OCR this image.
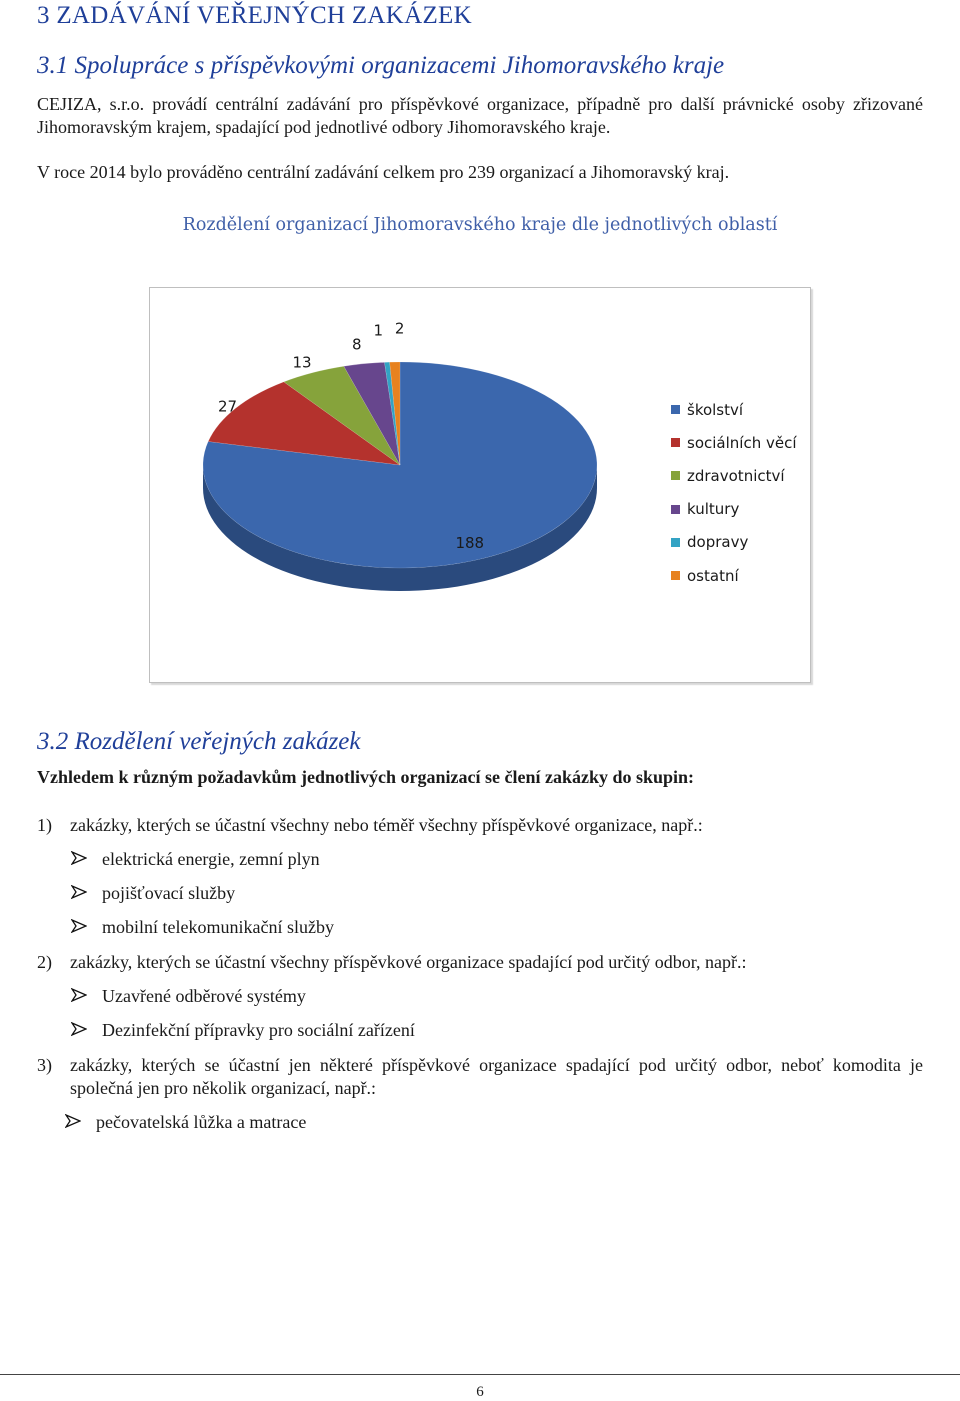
3 ZADÁVÁNÍ VEŘEJNÝCH ZAKÁZEK
3.1 Spolupráce s příspěvkovými organizacemi Jihomoravského kraje
CEJIZA, s.r.o. provádí centrální zadávání pro příspěvkové organizace, případně pro další právnické osoby zřizované Jihomoravským krajem, spadající pod jednotlivé odbory Jihomoravského kraje.
V roce 2014 bylo prováděno centrální zadávání celkem pro 239 organizací a Jihomoravský kraj.
Rozdělení organizací Jihomoravského kraje dle jednotlivých oblastí
188
27
13
8
1 2
školství
sociálních věcí
zdravotnictví
kultury
dopravy
ostatní
3.2 Rozdělení veřejných zakázek
Vzhledem k různým požadavkům jednotlivých organizací se člení zakázky do skupin:
1) zakázky, kterých se účastní všechny nebo téměř všechny příspěvkové organizace, např.:
elektrická energie, zemní plyn
pojišťovací služby
mobilní telekomunikační služby
2) zakázky, kterých se účastní všechny příspěvkové organizace spadající pod určitý odbor, např.:
Uzavřené odběrové systémy
Dezinfekční přípravky pro sociální zařízení
3) zakázky, kterých se účastní jen některé příspěvkové organizace spadající pod určitý odbor, neboť komodita je společná jen pro několik organizací, např.:
pečovatelská lůžka a matrace
6
